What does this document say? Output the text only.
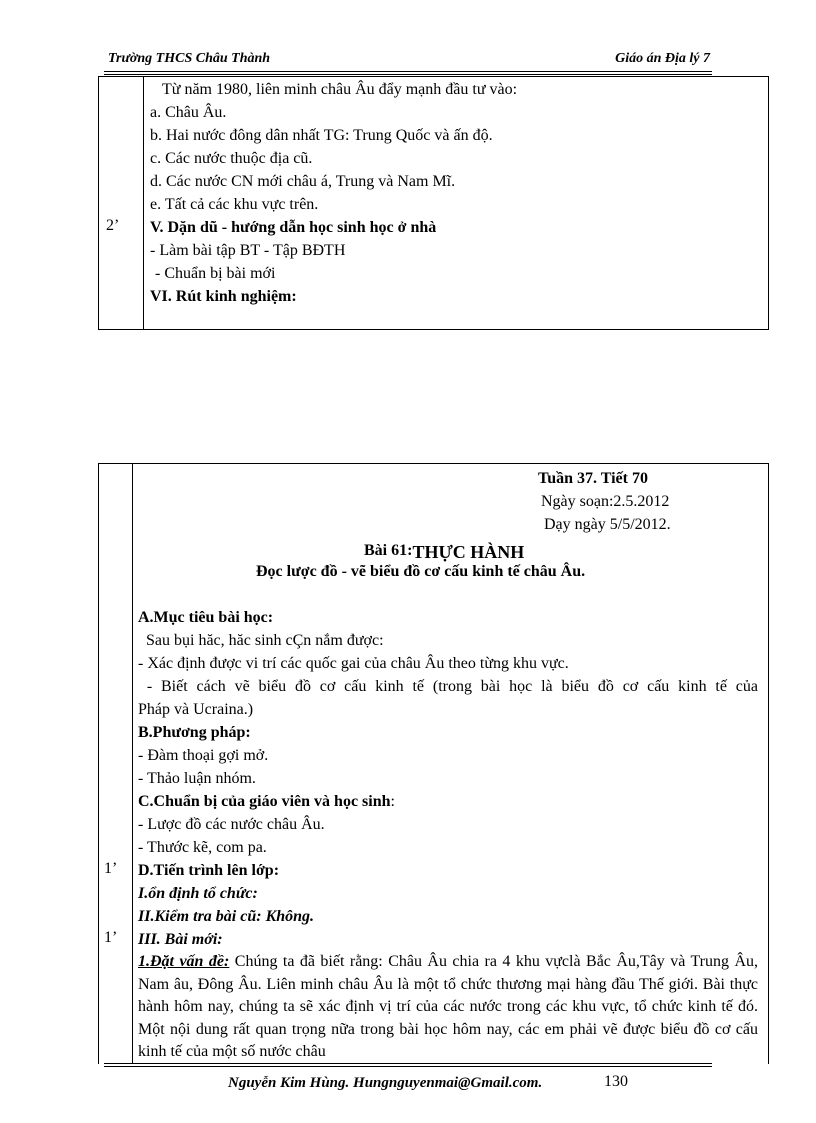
Trường THCS Châu Thành	Giáo án Địa lý 7
2’
Từ năm 1980, liên minh châu Âu đẩy mạnh đầu tư vào:
a. Châu Âu.
b. Hai nước đông dân nhất TG: Trung Quốc và ấn độ.
c. Các nước thuộc địa cũ.
d. Các nước CN mới châu á, Trung và Nam Mĩ.
e. Tất cả các khu vực trên.
V. Dặn dũ - hướng dẫn học sinh học ở nhà
- Làm bài tập BT - Tập BĐTH
- Chuẩn bị bài mới
VI. Rút kinh nghiệm:
Tuần 37. Tiết 70
Ngày soạn:2.5.2012
Dạy ngày 5/5/2012.
Bài 61:THỰC HÀNH
Đọc lược đồ - vẽ biểu đồ cơ cấu kinh tế châu Âu.
A.Mục tiêu bài học:
Sau bụi hăc, hăc sinh cÇn nắm được:
- Xác định được vi trí các quốc gai của châu Âu theo từng khu vực.
- Biết cách vẽ biểu đồ cơ cấu kinh tế (trong bài học là biểu đồ cơ cấu kinh tế của
Pháp và Ucraina.)
B.Phương pháp:
- Đàm thoại gợi mở.
- Thảo luận nhóm.
C.Chuẩn bị của giáo viên và học sinh:
- Lược đồ các nước châu Âu.
- Thước kẽ, com pa.
1’ D.Tiến trình lên lớp:
I.ổn định tổ chức:
II.Kiểm tra bài cũ: Không.
1’ III. Bài mới:
1.Đặt vấn đề: Chúng ta đã biết rằng: Châu Âu chia ra 4 khu vựclà Bắc Âu,Tây và Trung Âu, Nam âu, Đông Âu. Liên minh châu Âu là một tổ chức thương mại hàng đầu Thế giới. Bài thực hành hôm nay, chúng ta sẽ xác định vị trí của các nước trong các khu vực, tổ chức kinh tế đó. Một nội dung rất quan trọng nữa trong bài học hôm nay, các em phải vẽ được biểu đồ cơ cấu kinh tế của một số nước châu
Nguyễn Kim Hùng. Hungnguyenmai@Gmail.com.	130
